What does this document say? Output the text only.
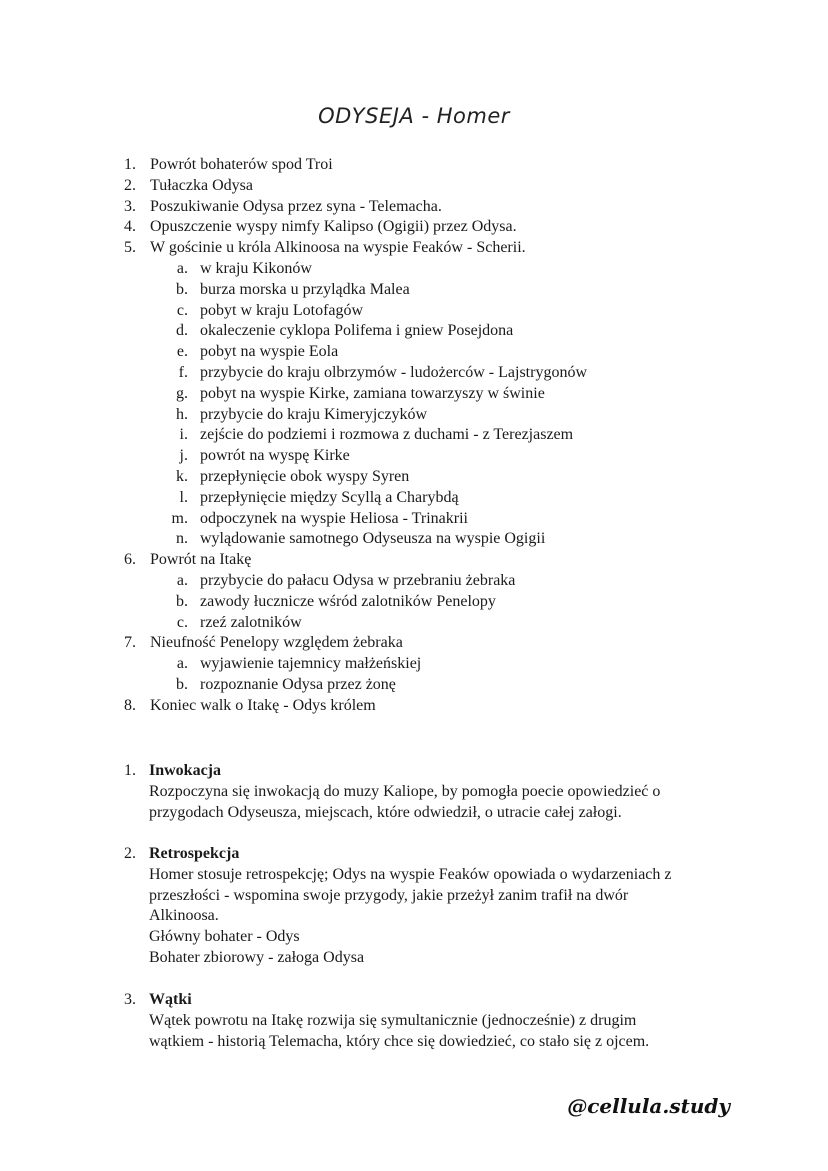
ODYSEJA - Homer
1. Powrót bohaterów spod Troi
2. Tułaczka Odysa
3. Poszukiwanie Odysa przez syna - Telemacha.
4. Opuszczenie wyspy nimfy Kalipso (Ogigii) przez Odysa.
5. W gościnie u króla Alkinoosa na wyspie Feaków - Scherii.
a. w kraju Kikonów
b. burza morska u przylądka Malea
c. pobyt w kraju Lotofagów
d. okaleczenie cyklopa Polifema i gniew Posejdona
e. pobyt na wyspie Eola
f. przybycie do kraju olbrzymów - ludożerców - Lajstrygonów
g. pobyt na wyspie Kirke, zamiana towarzyszy w świnie
h. przybycie do kraju Kimeryjczyków
i. zejście do podziemi i rozmowa z duchami - z Terezjaszem
j. powrót na wyspę Kirke
k. przepłynięcie obok wyspy Syren
l. przepłynięcie między Scyllą a Charybdą
m. odpoczynek na wyspie Heliosa - Trinakrii
n. wylądowanie samotnego Odyseusza na wyspie Ogigii
6. Powrót na Itakę
a. przybycie do pałacu Odysa w przebraniu żebraka
b. zawody łucznicze wśród zalotników Penelopy
c. rzeź zalotników
7. Nieufność Penelopy względem żebraka
a. wyjawienie tajemnicy małżeńskiej
b. rozpoznanie Odysa przez żonę
8. Koniec walk o Itakę - Odys królem
1. Inwokacja
Rozpoczyna się inwokacją do muzy Kaliope, by pomogła poecie opowiedzieć o
przygodach Odyseusza, miejscach, które odwiedził, o utracie całej załogi.
2. Retrospekcja
Homer stosuje retrospekcję; Odys na wyspie Feaków opowiada o wydarzeniach z
przeszłości - wspomina swoje przygody, jakie przeżył zanim trafił na dwór
Alkinoosa.
Główny bohater - Odys
Bohater zbiorowy - załoga Odysa
3. Wątki
Wątek powrotu na Itakę rozwija się symultanicznie (jednocześnie) z drugim
wątkiem - historią Telemacha, który chce się dowiedzieć, co stało się z ojcem.
@cellula.study
